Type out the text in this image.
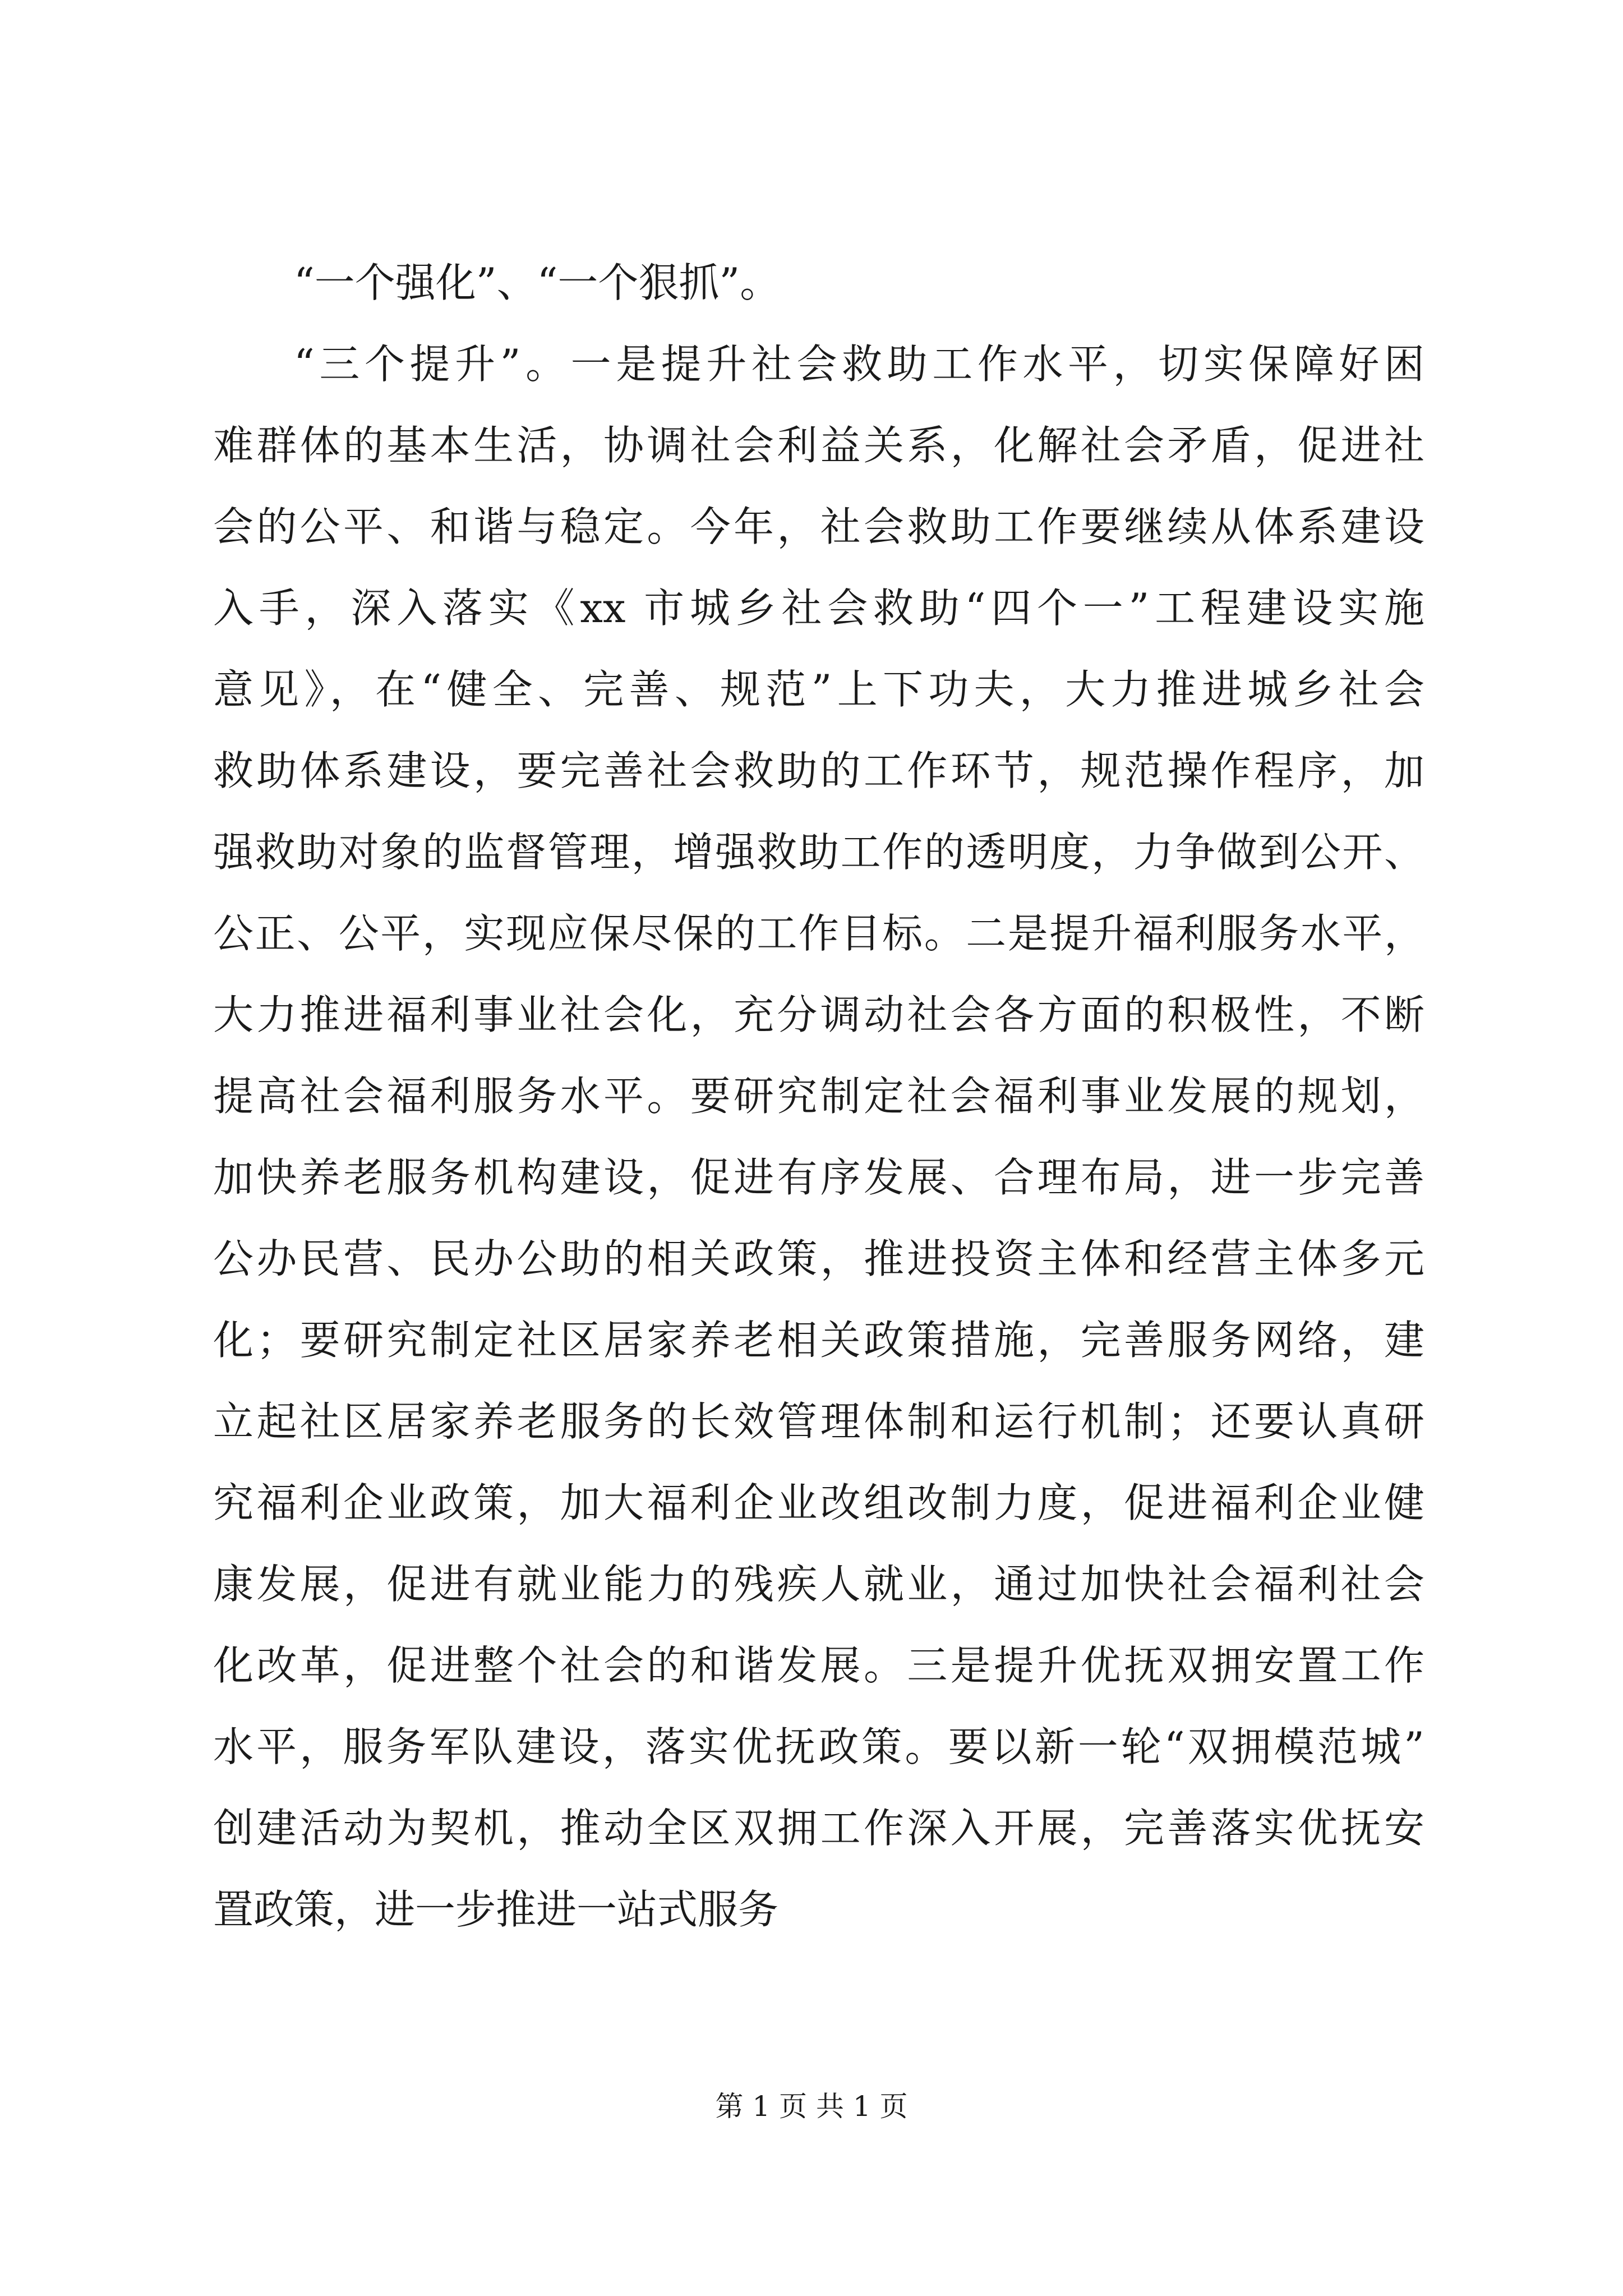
“一个强化”、“一个狠抓”。
“三个提升”。一是提升社会救助工作水平，切实保障好困
难群体的基本生活，协调社会利益关系，化解社会矛盾，促进社
会的公平、和谐与稳定。今年，社会救助工作要继续从体系建设
入手，深入落实《xx 市城乡社会救助“四个一”工程建设实施
意见》，在“健全、完善、规范”上下功夫，大力推进城乡社会
救助体系建设，要完善社会救助的工作环节，规范操作程序，加
强救助对象的监督管理，增强救助工作的透明度，力争做到公开、
公正、公平，实现应保尽保的工作目标。二是提升福利服务水平，
大力推进福利事业社会化，充分调动社会各方面的积极性，不断
提高社会福利服务水平。要研究制定社会福利事业发展的规划，
加快养老服务机构建设，促进有序发展、合理布局，进一步完善
公办民营、民办公助的相关政策，推进投资主体和经营主体多元
化；要研究制定社区居家养老相关政策措施，完善服务网络，建
立起社区居家养老服务的长效管理体制和运行机制；还要认真研
究福利企业政策，加大福利企业改组改制力度，促进福利企业健
康发展，促进有就业能力的残疾人就业，通过加快社会福利社会
化改革，促进整个社会的和谐发展。三是提升优抚双拥安置工作
水平，服务军队建设，落实优抚政策。要以新一轮“双拥模范城”
创建活动为契机，推动全区双拥工作深入开展，完善落实优抚安
置政策，进一步推进一站式服务
第 1 页 共 1 页
